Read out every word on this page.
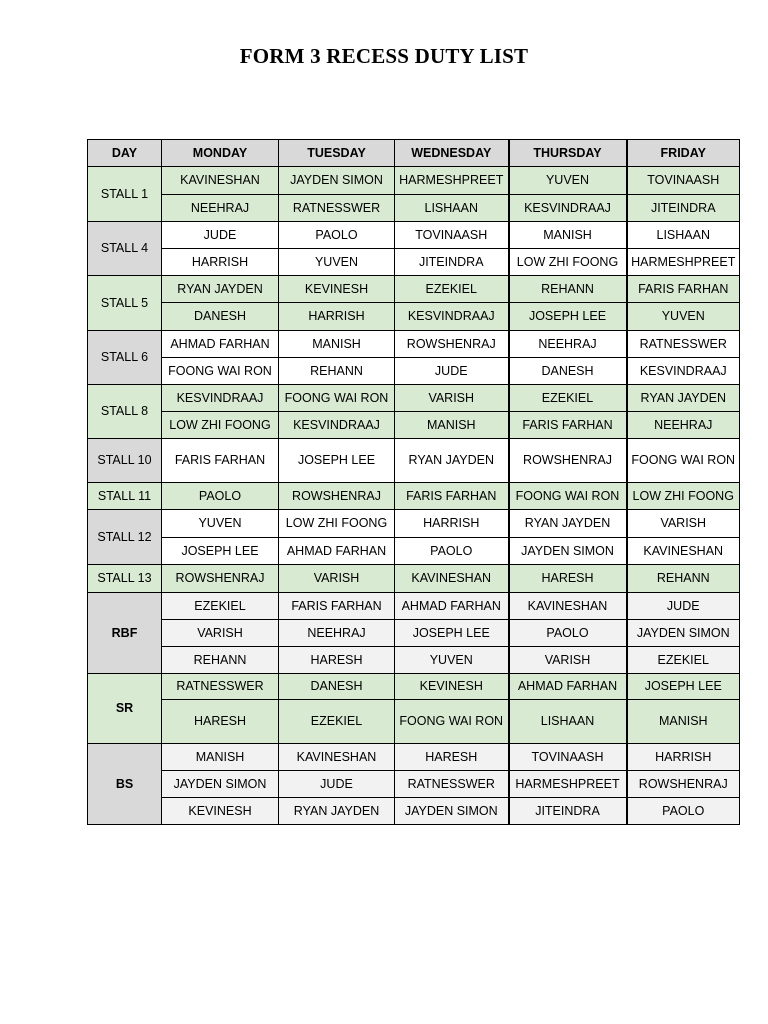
FORM 3 RECESS DUTY LIST
DAY	MONDAY	TUESDAY	WEDNESDAY	THURSDAY	FRIDAY
STALL 1	KAVINESHAN	JAYDEN SIMON	HARMESHPREET	YUVEN	TOVINAASH
	NEEHRAJ	RATNESSWER	LISHAAN	KESVINDRAAJ	JITEINDRA
STALL 4	JUDE	PAOLO	TOVINAASH	MANISH	LISHAAN
	HARRISH	YUVEN	JITEINDRA	LOW ZHI FOONG	HARMESHPREET
STALL 5	RYAN JAYDEN	KEVINESH	EZEKIEL	REHANN	FARIS FARHAN
	DANESH	HARRISH	KESVINDRAAJ	JOSEPH LEE	YUVEN
STALL 6	AHMAD FARHAN	MANISH	ROWSHENRAJ	NEEHRAJ	RATNESSWER
	FOONG WAI RON	REHANN	JUDE	DANESH	KESVINDRAAJ
STALL 8	KESVINDRAAJ	FOONG WAI RON	VARISH	EZEKIEL	RYAN JAYDEN
	LOW ZHI FOONG	KESVINDRAAJ	MANISH	FARIS FARHAN	NEEHRAJ
STALL 10	FARIS FARHAN	JOSEPH LEE	RYAN JAYDEN	ROWSHENRAJ	FOONG WAI RON
STALL 11	PAOLO	ROWSHENRAJ	FARIS FARHAN	FOONG WAI RON	LOW ZHI FOONG
STALL 12	YUVEN	LOW ZHI FOONG	HARRISH	RYAN JAYDEN	VARISH
	JOSEPH LEE	AHMAD FARHAN	PAOLO	JAYDEN SIMON	KAVINESHAN
STALL 13	ROWSHENRAJ	VARISH	KAVINESHAN	HARESH	REHANN
RBF	EZEKIEL	FARIS FARHAN	AHMAD FARHAN	KAVINESHAN	JUDE
	VARISH	NEEHRAJ	JOSEPH LEE	PAOLO	JAYDEN SIMON
	REHANN	HARESH	YUVEN	VARISH	EZEKIEL
SR	RATNESSWER	DANESH	KEVINESH	AHMAD FARHAN	JOSEPH LEE
	HARESH	EZEKIEL	FOONG WAI RON	LISHAAN	MANISH
BS	MANISH	KAVINESHAN	HARESH	TOVINAASH	HARRISH
	JAYDEN SIMON	JUDE	RATNESSWER	HARMESHPREET	ROWSHENRAJ
	KEVINESH	RYAN JAYDEN	JAYDEN SIMON	JITEINDRA	PAOLO
